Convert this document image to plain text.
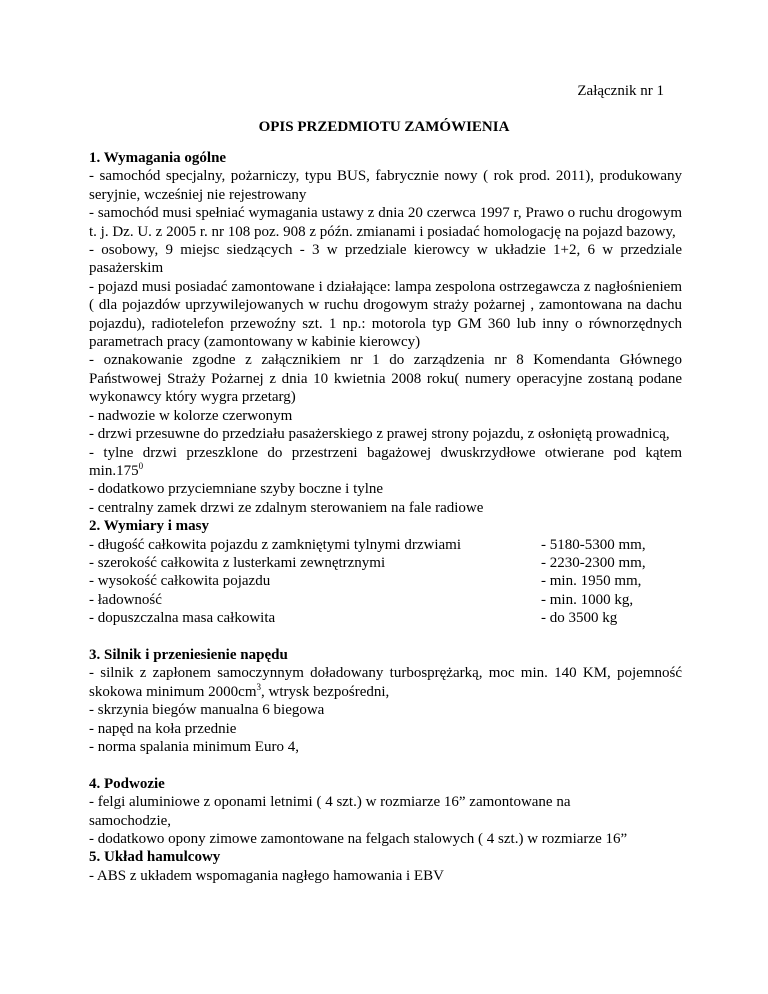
Załącznik nr 1

OPIS PRZEDMIOTU ZAMÓWIENIA

1. Wymagania ogólne

- samochód specjalny, pożarniczy, typu BUS, fabrycznie nowy ( rok prod. 2011), produkowany seryjnie, wcześniej nie rejestrowany

- samochód musi spełniać wymagania ustawy z dnia 20 czerwca 1997 r, Prawo o ruchu drogowym t. j. Dz. U. z 2005 r. nr 108 poz. 908 z późn. zmianami i posiadać homologację na pojazd bazowy,

- osobowy, 9 miejsc siedzących - 3 w przedziale kierowcy w układzie 1+2, 6 w przedziale pasażerskim

- pojazd musi posiadać zamontowane i działające: lampa zespolona ostrzegawcza z nagłośnieniem ( dla pojazdów uprzywilejowanych w ruchu drogowym straży pożarnej , zamontowana na dachu pojazdu), radiotelefon przewoźny szt. 1 np.: motorola typ GM 360 lub inny o równorzędnych parametrach pracy (zamontowany w kabinie kierowcy)

- oznakowanie zgodne z załącznikiem nr 1 do zarządzenia nr 8 Komendanta Głównego Państwowej Straży Pożarnej z dnia 10 kwietnia 2008 roku( numery operacyjne zostaną podane wykonawcy który wygra przetarg)

- nadwozie w kolorze czerwonym

- drzwi przesuwne do przedziału pasażerskiego z prawej strony pojazdu, z osłoniętą prowadnicą,

- tylne drzwi przeszklone do przestrzeni bagażowej dwuskrzydłowe otwierane pod kątem min.175$^0$

- dodatkowo przyciemniane szyby boczne i tylne

- centralny zamek drzwi ze zdalnym sterowaniem na fale radiowe

2. Wymiary i masy

- długość całkowita pojazdu z zamkniętymi tylnymi drzwiami	- 5180-5300 mm,
- szerokość całkowita z lusterkami zewnętrznymi	- 2230-2300 mm,
- wysokość całkowita pojazdu	- min. 1950 mm,
- ładowność	- min. 1000 kg,
- dopuszczalna masa całkowita	- do 3500 kg

3. Silnik i przeniesienie napędu

- silnik z zapłonem samoczynnym doładowany turbosprężarką, moc min. 140 KM, pojemność skokowa minimum $2000cm^3$, wtrysk bezpośredni,

- skrzynia biegów manualna 6 biegowa

- napęd na koła przednie

- norma spalania minimum Euro 4,

4. Podwozie

- felgi aluminiowe z oponami letnimi ( 4 szt.) w rozmiarze 16” zamontowane na samochodzie,

- dodatkowo opony zimowe zamontowane na felgach stalowych ( 4 szt.) w rozmiarze 16”

5. Układ hamulcowy

- ABS z układem wspomagania nagłego hamowania i EBV
